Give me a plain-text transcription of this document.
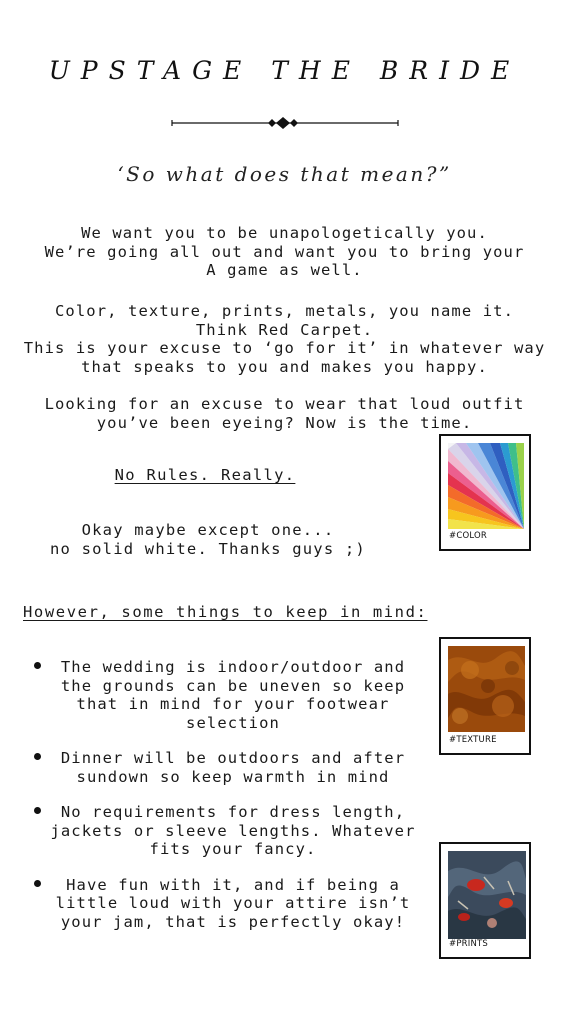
UPSTAGE THE BRIDE
‘So what does that mean?”

We want you to be unapologetically you.
We’re going all out and want you to bring your
A game as well.

Color, texture, prints, metals, you name it.
Think Red Carpet.
This is your excuse to ‘go for it’ in whatever way
that speaks to you and makes you happy.

Looking for an excuse to wear that loud outfit
you’ve been eyeing? Now is the time.

No Rules. Really.
Okay maybe except one...
no solid white. Thanks guys ;)
However, some things to keep in mind:
The wedding is indoor/outdoor and
the grounds can be uneven so keep
that in mind for your footwear
selection
Dinner will be outdoors and after
sundown so keep warmth in mind
No requirements for dress length,
jackets or sleeve lengths. Whatever
fits your fancy.
Have fun with it, and if being a
little loud with your attire isn’t
your jam, that is perfectly okay!
#COLOR
#TEXTURE
#PRINTS
